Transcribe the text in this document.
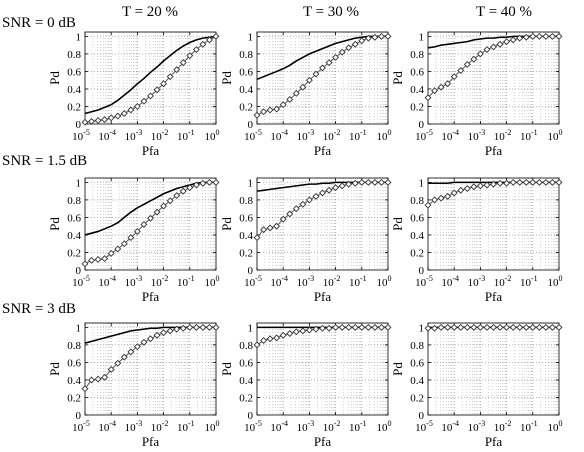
T = 20 %	T = 30 %	T = 40 %
SNR = 0 dB
SNR = 1.5 dB
SNR = 3 dB
0
0.2
0.4
0.6
0.8
1
$10^{-5}$ $10^{-4}$ $10^{-3}$ $10^{-2}$ $10^{-1}$ $10^0$
Pfa
Pd
0
0.2
0.4
0.6
0.8
1
$10^{-5}$ $10^{-4}$ $10^{-3}$ $10^{-2}$ $10^{-1}$ $10^0$
Pfa
Pd
0
0.2
0.4
0.6
0.8
1
$10^{-5}$ $10^{-4}$ $10^{-3}$ $10^{-2}$ $10^{-1}$ $10^0$
Pfa
Pd
0
0.2
0.4
0.6
0.8
1
$10^{-5}$ $10^{-4}$ $10^{-3}$ $10^{-2}$ $10^{-1}$ $10^0$
Pfa
Pd
0
0.2
0.4
0.6
0.8
1
$10^{-5}$ $10^{-4}$ $10^{-3}$ $10^{-2}$ $10^{-1}$ $10^0$
Pfa
Pd
0
0.2
0.4
0.6
0.8
1
$10^{-5}$ $10^{-4}$ $10^{-3}$ $10^{-2}$ $10^{-1}$ $10^0$
Pfa
Pd
0
0.2
0.4
0.6
0.8
1
$10^{-5}$ $10^{-4}$ $10^{-3}$ $10^{-2}$ $10^{-1}$ $10^0$
Pfa
Pd
0
0.2
0.4
0.6
0.8
1
$10^{-5}$ $10^{-4}$ $10^{-3}$ $10^{-2}$ $10^{-1}$ $10^0$
Pfa
Pd
0
0.2
0.4
0.6
0.8
1
$10^{-5}$ $10^{-4}$ $10^{-3}$ $10^{-2}$ $10^{-1}$ $10^0$
Pfa
Pd
